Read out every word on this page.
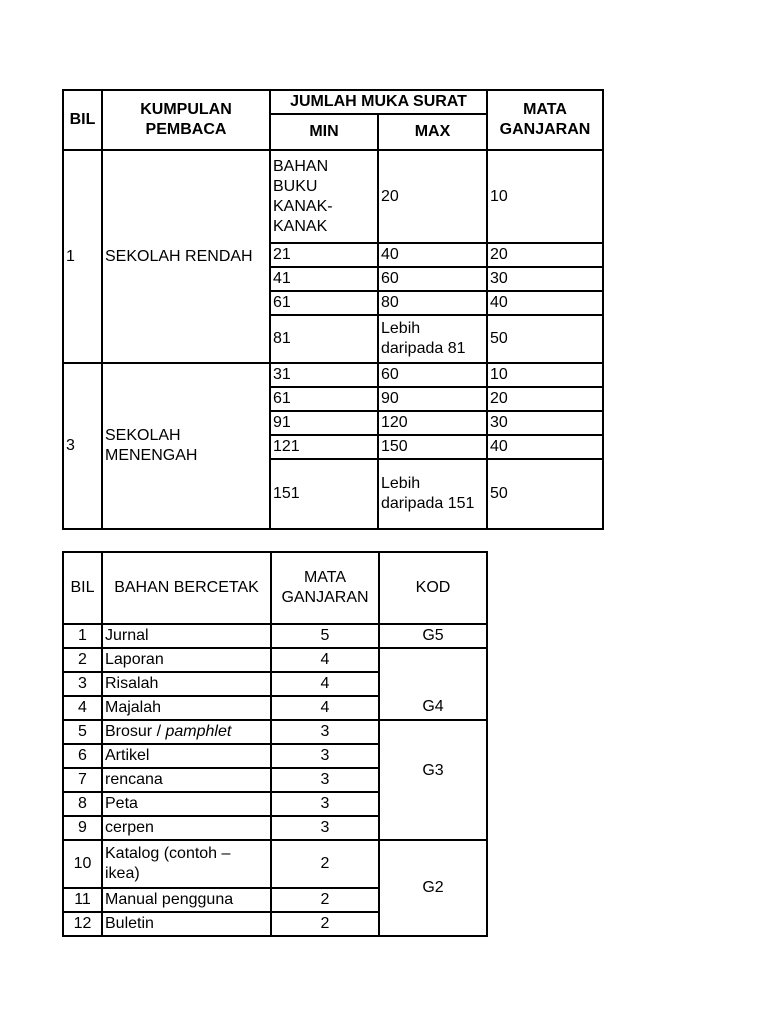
BIL	KUMPULAN PEMBACA	JUMLAH MUKA SURAT		MATA GANJARAN
		MIN	MAX	
1	SEKOLAH RENDAH	BAHAN BUKU KANAK-KANAK	20	10
		21	40	20
		41	60	30
		61	80	40
		81	Lebih daripada 81	50
3	SEKOLAH MENENGAH	31	60	10
		61	90	20
		91	120	30
		121	150	40
		151	Lebih daripada 151	50
BIL	BAHAN BERCETAK	MATA GANJARAN	KOD
1	Jurnal	5	G5
2	Laporan	4	G4
3	Risalah	4	
4	Majalah	4	
5	Brosur / pamphlet	3	G3
6	Artikel	3	
7	rencana	3	
8	Peta	3	
9	cerpen	3	
10	Katalog (contoh – ikea)	2	G2
11	Manual pengguna	2	
12	Buletin	2	
